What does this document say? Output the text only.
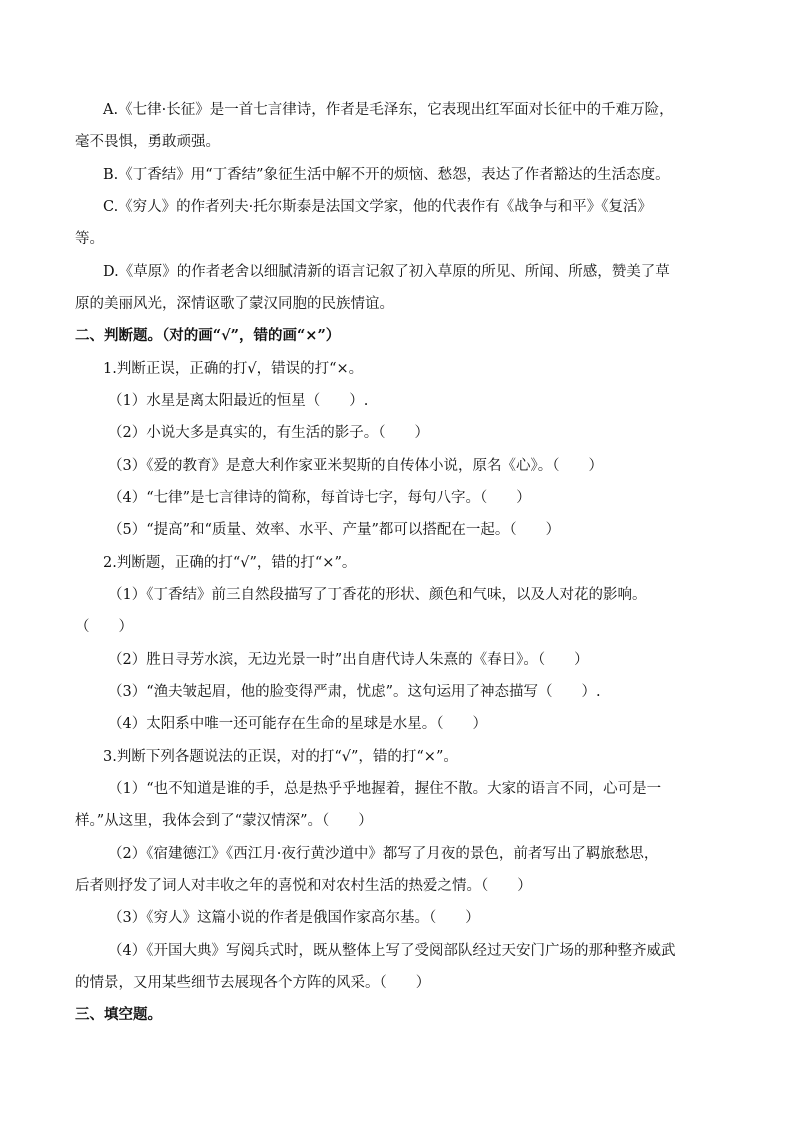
A.《七律·长征》是一首七言律诗，作者是毛泽东，它表现出红军面对长征中的千难万险，
毫不畏惧，勇敢顽强。
B.《丁香结》用“丁香结”象征生活中解不开的烦恼、愁怨，表达了作者豁达的生活态度。
C.《穷人》的作者列夫·托尔斯泰是法国文学家，他的代表作有《战争与和平》《复活》
等。
D.《草原》的作者老舍以细腻清新的语言记叙了初入草原的所见、所闻、所感，赞美了草
原的美丽风光，深情讴歌了蒙汉同胞的民族情谊。
二、判断题。（对的画“√”，错的画“×”）
1.判断正误，正确的打√，错误的打“×。
（1）水星是离太阳最近的恒星（　　）.
（2）小说大多是真实的，有生活的影子。（　　）
（3）《爱的教育》是意大利作家亚米契斯的自传体小说，原名《心》。（　　）
（4）“七律”是七言律诗的简称，每首诗七字，每句八字。（　　）
（5）“提高”和“质量、效率、水平、产量”都可以搭配在一起。（　　）
2.判断题，正确的打“√”，错的打“×”。
（1）《丁香结》前三自然段描写了丁香花的形状、颜色和气味，以及人对花的影响。
（　　）
（2）胜日寻芳水滨，无边光景一时”出自唐代诗人朱熹的《春日》。（　　）
（3）“渔夫皱起眉，他的脸变得严肃，忧虑”。这句运用了神态描写（　　）.
（4）太阳系中唯一还可能存在生命的星球是水星。（　　）
3.判断下列各题说法的正误，对的打“√”，错的打“×”。
（1）“也不知道是谁的手，总是热乎乎地握着，握住不散。大家的语言不同，心可是一
样。”从这里，我体会到了“蒙汉情深”。（　　）
（2）《宿建德江》《西江月·夜行黄沙道中》都写了月夜的景色，前者写出了羁旅愁思，
后者则抒发了词人对丰收之年的喜悦和对农村生活的热爱之情。（　　）
（3）《穷人》这篇小说的作者是俄国作家高尔基。（　　）
（4）《开国大典》写阅兵式时，既从整体上写了受阅部队经过天安门广场的那种整齐威武
的情景，又用某些细节去展现各个方阵的风采。（　　）
三、填空题。
